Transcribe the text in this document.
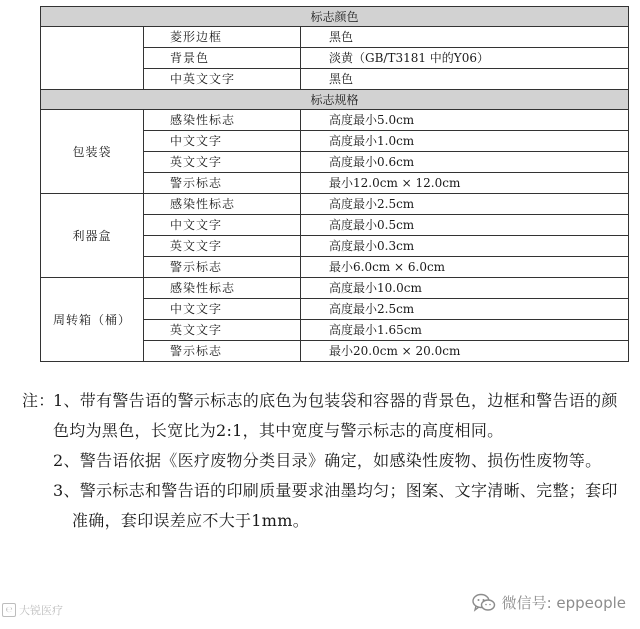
标志颜色		
	菱形边框	黑色
	背景色	淡黄（GB/T3181 中的Y06）
	中英文文字	黑色
标志规格		
包装袋	感染性标志	高度最小5.0cm
	中文文字	高度最小1.0cm
	英文文字	高度最小0.6cm
	警示标志	最小12.0cm × 12.0cm
利器盒	感染性标志	高度最小2.5cm
	中文文字	高度最小0.5cm
	英文文字	高度最小0.3cm
	警示标志	最小6.0cm × 6.0cm
周转箱（桶）	感染性标志	高度最小10.0cm
	中文文字	高度最小2.5cm
	英文文字	高度最小1.65cm
	警示标志	最小20.0cm × 20.0cm
注：
1、带有警告语的警示标志的底色为包装袋和容器的背景色，边框和警告语的颜色均为黑色，长宽比为2:1，其中宽度与警示标志的高度相同。
2、警告语依据《医疗废物分类目录》确定，如感染性废物、损伤性废物等。
3、警示标志和警告语的印刷质量要求油墨均匀；图案、文字清晰、完整；套印准确，套印误差应不大于1mm。
℮ 大锐医疗	微信号: eppeople
